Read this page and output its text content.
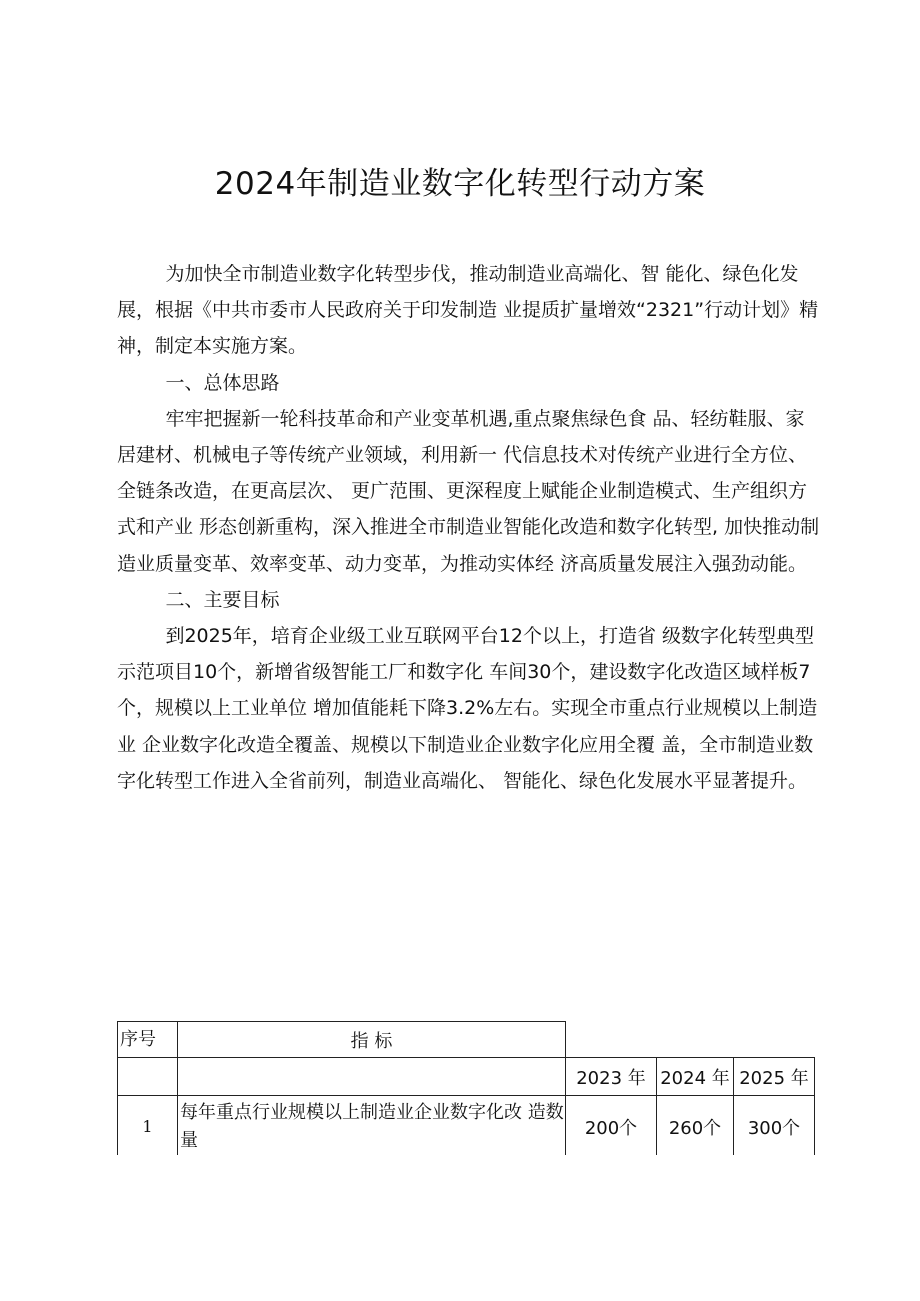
2024年制造业数字化转型行动方案

为加快全市制造业数字化转型步伐，推动制造业高端化、智 能化、绿色化发展，根据《中共市委市人民政府关于印发制造 业提质扩量增效“2321”行动计划》精神，制定本实施方案。

一、总体思路

牢牢把握新一轮科技革命和产业变革机遇,重点聚焦绿色食 品、轻纺鞋服、家居建材、机械电子等传统产业领域，利用新一 代信息技术对传统产业进行全方位、全链条改造，在更高层次、 更广范围、更深程度上赋能企业制造模式、生产组织方式和产业 形态创新重构，深入推进全市制造业智能化改造和数字化转型, 加快推动制造业质量变革、效率变革、动力变革，为推动实体经 济高质量发展注入强劲动能。

二、主要目标

到2025年，培育企业级工业互联网平台12个以上，打造省 级数字化转型典型示范项目10个，新增省级智能工厂和数字化 车间30个，建设数字化改造区域样板7个，规模以上工业单位 增加值能耗下降3.2%左右。实现全市重点行业规模以上制造业 企业数字化改造全覆盖、规模以下制造业企业数字化应用全覆 盖，全市制造业数字化转型工作进入全省前列，制造业高端化、 智能化、绿色化发展水平显著提升。

序号	指 标			
		2023 年	2024 年	2025 年
1	每年重点行业规模以上制造业企业数字化改 造数量	200个	260个	300个
